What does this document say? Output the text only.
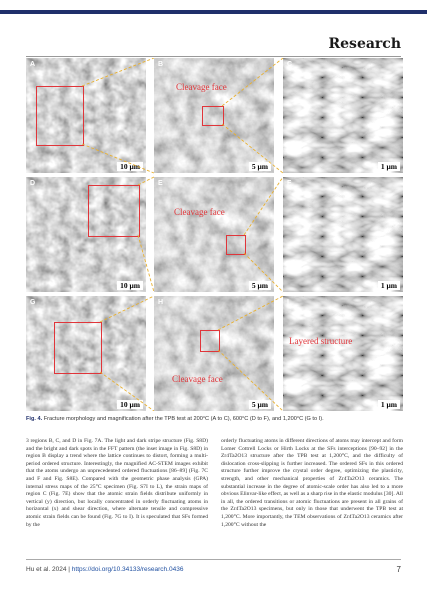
Research
A
10 μm
Cleavage face
B
5 μm
C
1 μm
D
10 μm
Cleavage face
E
5 μm
F
1 μm
G
10 μm
Cleavage face
H
5 μm
Layered structure
I
1 μm
Fig. 4. Fracture morphology and magnification after the TPB test at 200°C (A to C), 600°C (D to F), and 1,200°C (G to I).
3 regions B, C, and D in Fig. 7A. The light and dark stripe structure (Fig. S8D) and the bright and dark spots in the FFT pattern (the inset image in Fig. S8D) in region B display a trend where the lattice continues to distort, forming a multi-period ordered structure. Interestingly, the magnified AC-STEM images exhibit that the atoms undergo an unprecedented ordered fluctuations [86–89] (Fig. 7C and F and Fig. S8E). Compared with the geometric phase analysis (GPA) internal stress maps of the 25°C specimen (Fig. S7I to L), the strain maps of region C (Fig. 7E) show that the atomic strain fields distribute uniformly in vertical (y) direction, but locally concentrated in orderly fluctuating atoms in horizontal (x) and shear direction, where alternate tensile and compressive atomic strain fields can be found (Fig. 7G to I). It is speculated that SFs formed by the
orderly fluctuating atoms in different directions of atoms may intercept and form Lomer Cottrell Locks or Hirth Locks at the SFs interceptions [90–92] in the Zr4Ta2O13 structure after the TPB test at 1,200°C, and the difficulty of dislocation cross-slipping is further increased. The ordered SFs in this ordered structure further improve the crystal order degree, optimizing the plasticity, strength, and other mechanical properties of Zr4Ta2O13 ceramics. The substantial increase in the degree of atomic-scale order has also led to a more obvious Elinvar-like effect, as well as a sharp rise in the elastic modulus [30]. All in all, the ordered transitions or atomic fluctuations are present in all grains of the Zr4Ta2O13 specimens, but only in those that underwent the TPB test at 1,200°C. More importantly, the TEM observations of Zr4Ta2O13 ceramics after 1,200°C without the
Hu et al. 2024 | https://doi.org/10.34133/research.0436	7
